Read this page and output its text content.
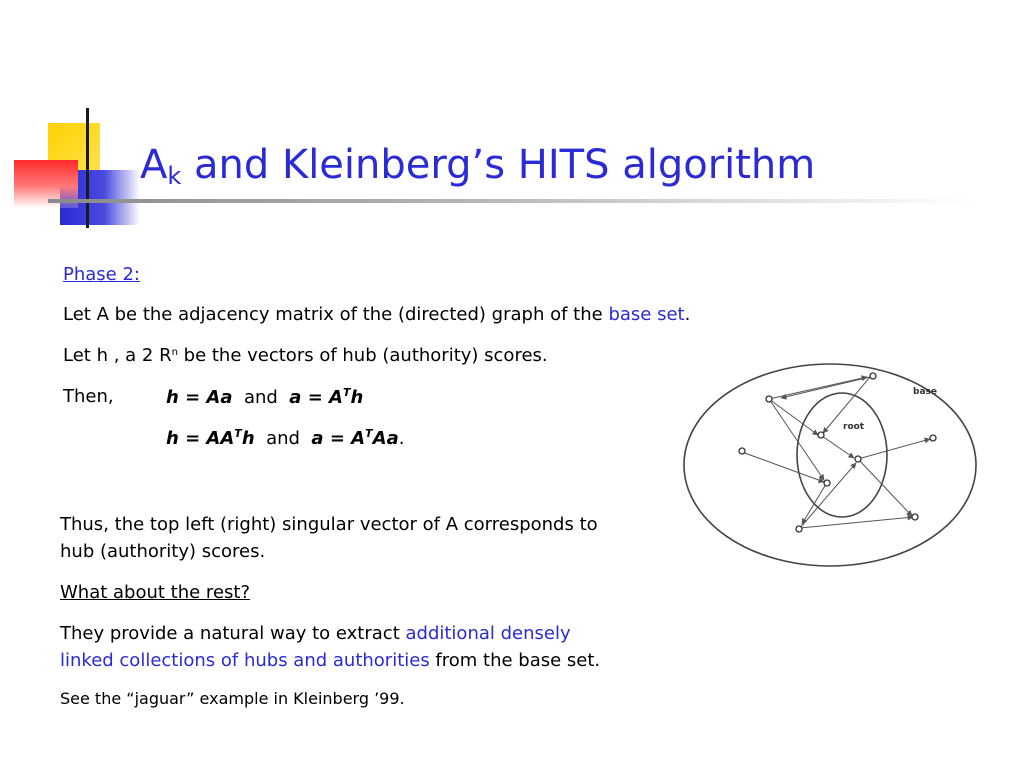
$A_k$ and Kleinberg’s HITS algorithm
Phase 2:
Let A be the adjacency matrix of the (directed) graph of the base set.
Let h , a 2 $R^n$ be the vectors of hub (authority) scores.
Then,	h = Aa and $a = A^Th$
$h = AA^Th$ and $a = A^TAa$.
Thus, the top left (right) singular vector of A corresponds to
hub (authority) scores.
What about the rest?
They provide a natural way to extract additional densely
linked collections of hubs and authorities from the base set.
See the “jaguar” example in Kleinberg ’99.
base
root
